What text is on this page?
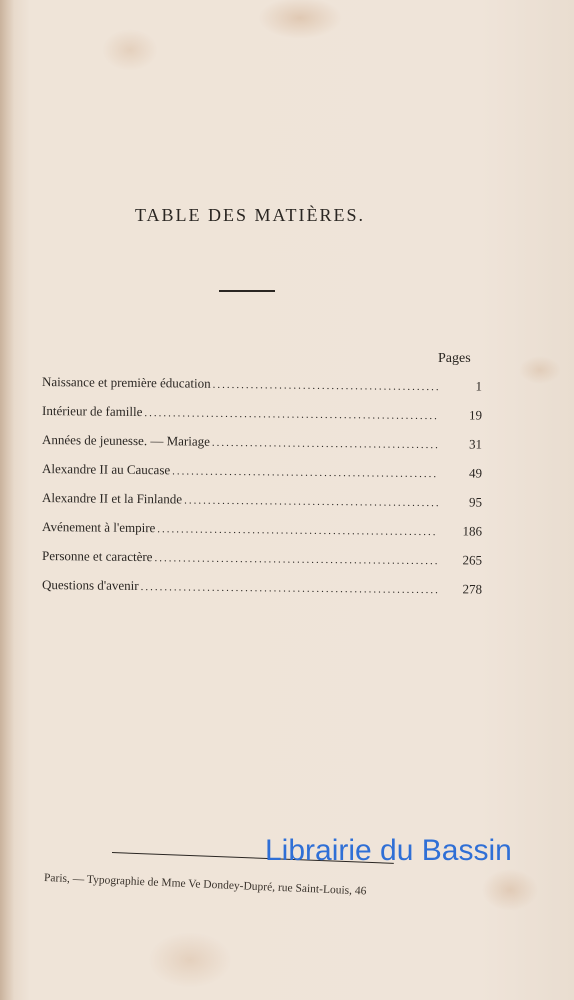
TABLE DES MATIÈRES.
Pages
Naissance et première éducation .....	1
Intérieur de famille .....	19
Années de jeunesse. — Mariage .....	31
Alexandre II au Caucase .....	49
Alexandre II et la Finlande .....	95
Avénement à l'empire .....	186
Personne et caractère .....	265
Questions d'avenir .....	278
Paris, — Typographie de Mme Ve Dondey-Dupré, rue Saint-Louis, 46
Librairie du Bassin
